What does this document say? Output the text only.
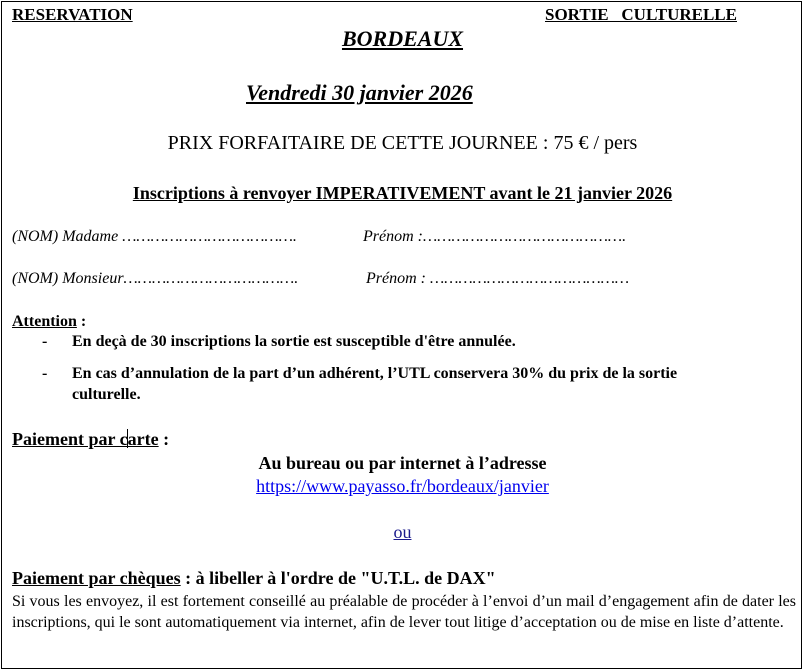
RESERVATION	SORTIE   CULTURELLE
BORDEAUX
Vendredi 30 janvier 2026
PRIX FORFAITAIRE DE CETTE JOURNEE : 75 € / pers
Inscriptions à renvoyer IMPERATIVEMENT avant le 21 janvier 2026
(NOM) Madame ……………………………….	Prénom :…………………………………….
(NOM) Monsieur……………………………….	Prénom : ……………………………………
Attention :
- En deçà de 30 inscriptions la sortie est susceptible d'être annulée.
- En cas d’annulation de la part d’un adhérent, l’UTL conservera 30% du prix de la sortie
culturelle.
Paiement par carte :
Au bureau ou par internet à l’adresse
https://www.payasso.fr/bordeaux/janvier
ou
Paiement par chèques : à libeller à l'ordre de "U.T.L. de DAX"
Si vous les envoyez, il est fortement conseillé au préalable de procéder à l’envoi d’un mail d’engagement afin de dater les inscriptions, qui le sont automatiquement via internet, afin de lever tout litige d’acceptation ou de mise en liste d’attente.
